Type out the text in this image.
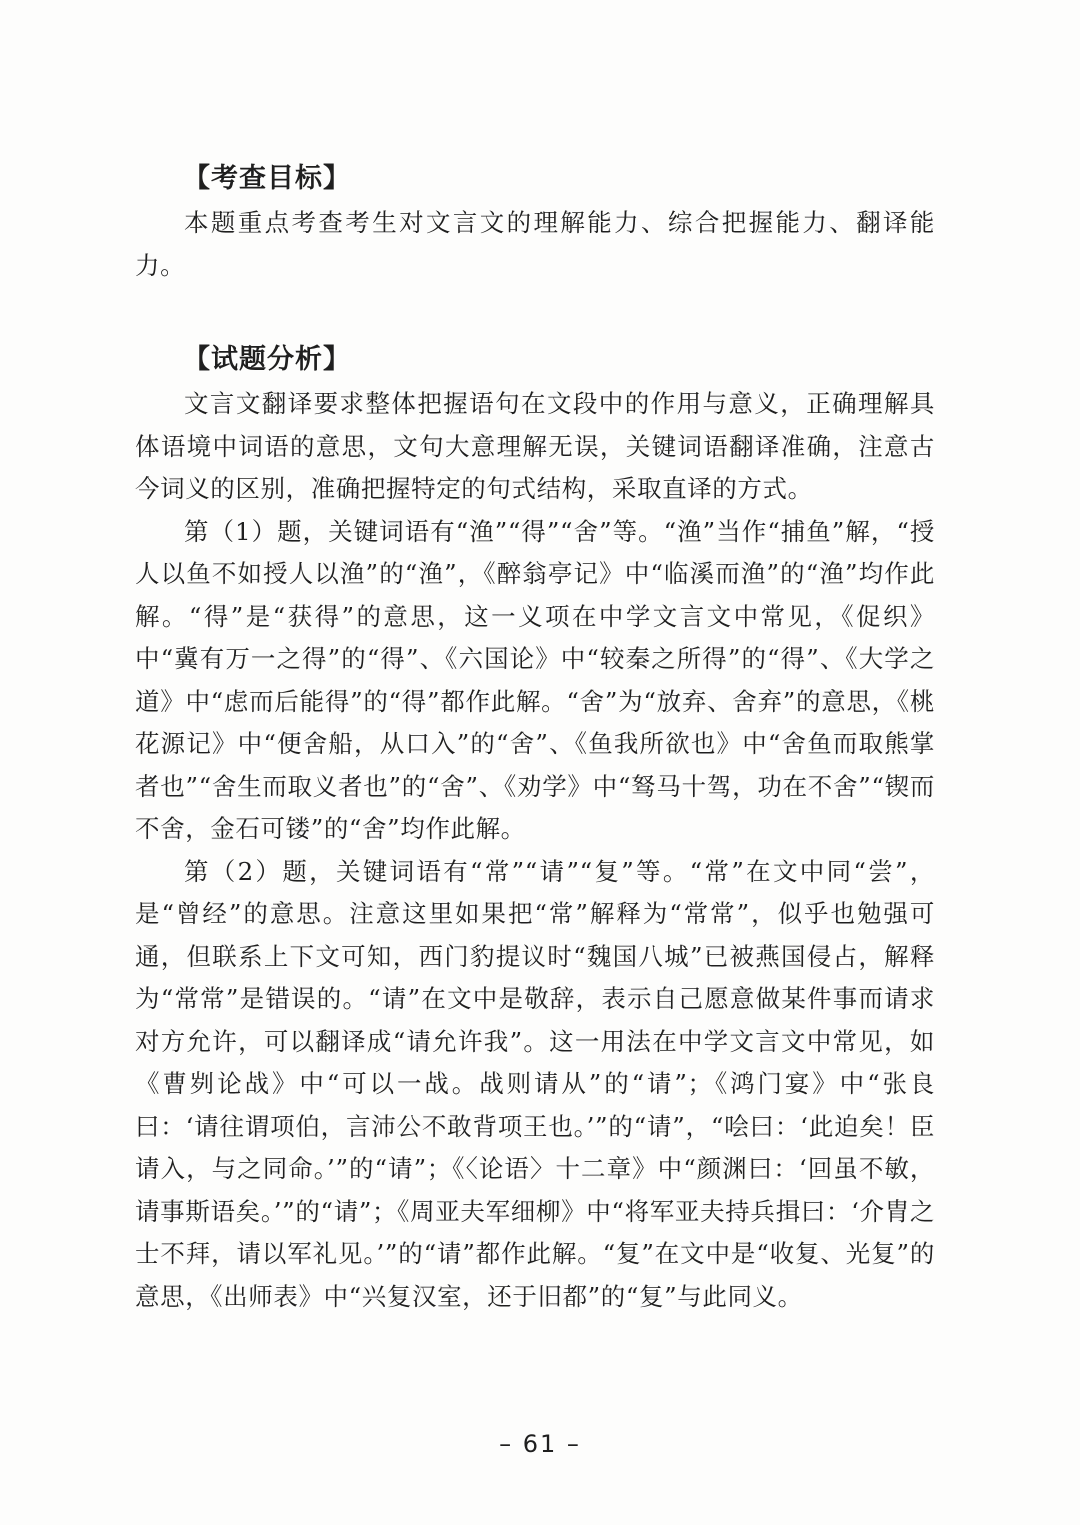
【考查目标】

本题重点考查考生对文言文的理解能力、综合把握能力、翻译能力。

【试题分析】

文言文翻译要求整体把握语句在文段中的作用与意义，正确理解具体语境中词语的意思，文句大意理解无误，关键词语翻译准确，注意古今词义的区别，准确把握特定的句式结构，采取直译的方式。

第（1）题，关键词语有“渔”“得”“舍”等。“渔”当作“捕鱼”解，“授人以鱼不如授人以渔”的“渔”，《醉翁亭记》中“临溪而渔”的“渔”均作此解。“得”是“获得”的意思，这一义项在中学文言文中常见，《促织》中“冀有万一之得”的“得”、《六国论》中“较秦之所得”的“得”、《大学之道》中“虑而后能得”的“得”都作此解。“舍”为“放弃、舍弃”的意思，《桃花源记》中“便舍船，从口入”的“舍”、《鱼我所欲也》中“舍鱼而取熊掌者也”“舍生而取义者也”的“舍”、《劝学》中“驽马十驾，功在不舍”“锲而不舍，金石可镂”的“舍”均作此解。

第（2）题，关键词语有“常”“请”“复”等。“常”在文中同“尝”，是“曾经”的意思。注意这里如果把“常”解释为“常常”，似乎也勉强可通，但联系上下文可知，西门豹提议时“魏国八城”已被燕国侵占，解释为“常常”是错误的。“请”在文中是敬辞，表示自己愿意做某件事而请求对方允许，可以翻译成“请允许我”。这一用法在中学文言文中常见，如《曹刿论战》中“可以一战。战则请从”的“请”；《鸿门宴》中“张良曰：‘请往谓项伯，言沛公不敢背项王也。’”的“请”，“哙曰：‘此迫矣！臣请入，与之同命。’”的“请”；《〈论语〉十二章》中“颜渊曰：‘回虽不敏，请事斯语矣。’”的“请”；《周亚夫军细柳》中“将军亚夫持兵揖曰：‘介胄之士不拜，请以军礼见。’”的“请”都作此解。“复”在文中是“收复、光复”的意思，《出师表》中“兴复汉室，还于旧都”的“复”与此同义。

– 61 –
